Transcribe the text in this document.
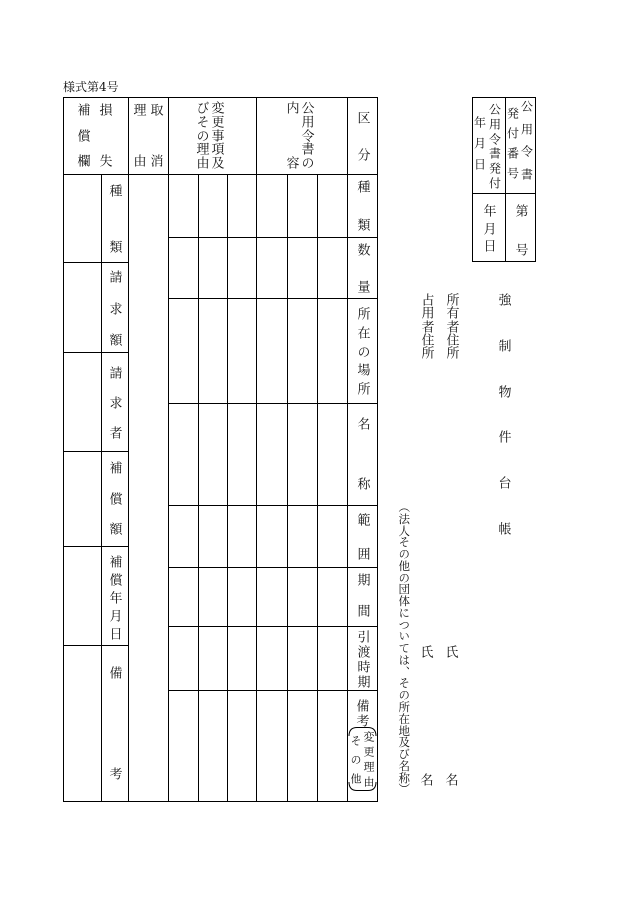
様式第4号
区
分
公
用
令
書
の
内
容
変
更
事
項
及
び
そ
の
理
由
取
消
理
由
損
失
補
償
欄
種
類
数
量
所
在
の
場
所
名
称
範
囲
期
間
引
渡
時
期
備
考
変
更
理
由
そ
の
他
種
類
請
求
額
請
求
者
補
償
額
補
償
年
月
日
備
考
公
用
令
書
発
付
番
号
公
用
令
書
発
付
年
月
日
第

号
年
月
日
強
制
物
件
台
帳
所
有
者
住
所
氏
名
占
用
者
住
所
氏
名
（
法
人
そ
の
他
の
団
体
に
つ
い
て
は
、
そ
の
所
在
地
及
び
名
称
）
